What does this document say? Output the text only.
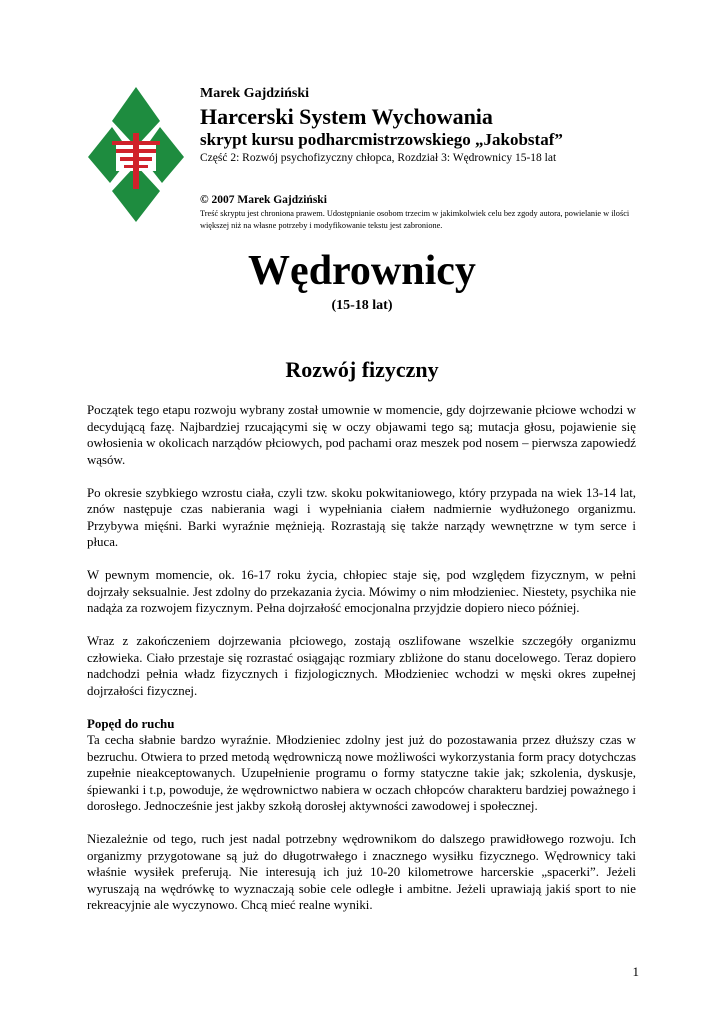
Marek Gajdziński

Harcerski System Wychowania

skrypt kursu podharcmistrzowskiego „Jakobstaf”

Część 2: Rozwój psychofizyczny chłopca, Rozdział 3: Wędrownicy 15-18 lat

© 2007 Marek Gajdziński

Treść skryptu jest chroniona prawem. Udostępnianie osobom trzecim w jakimkolwiek celu bez zgody autora, powielanie w ilości większej niż na własne potrzeby i modyfikowanie tekstu jest zabronione.

Wędrownicy

(15-18 lat)

Rozwój fizyczny

Początek tego etapu rozwoju wybrany został umownie w momencie, gdy dojrzewanie płciowe wchodzi w decydującą fazę. Najbardziej rzucającymi się w oczy objawami tego są; mutacja głosu, pojawienie się owłosienia w okolicach narządów płciowych, pod pachami oraz meszek pod nosem – pierwsza zapowiedź wąsów.

Po okresie szybkiego wzrostu ciała, czyli tzw. skoku pokwitaniowego, który przypada na wiek 13-14 lat, znów następuje czas nabierania wagi i wypełniania ciałem nadmiernie wydłużonego organizmu. Przybywa mięśni. Barki wyraźnie mężnieją. Rozrastają się także narządy wewnętrzne w tym serce i płuca.

W pewnym momencie, ok. 16-17 roku życia, chłopiec staje się, pod względem fizycznym, w pełni dojrzały seksualnie. Jest zdolny do przekazania życia. Mówimy o nim młodzieniec. Niestety, psychika nie nadąża za rozwojem fizycznym. Pełna dojrzałość emocjonalna przyjdzie dopiero nieco później.

Wraz z zakończeniem dojrzewania płciowego, zostają oszlifowane wszelkie szczegóły organizmu człowieka. Ciało przestaje się rozrastać osiągając rozmiary zbliżone do stanu docelowego. Teraz dopiero nadchodzi pełnia władz fizycznych i fizjologicznych. Młodzieniec wchodzi w męski okres zupełnej dojrzałości fizycznej.

Popęd do ruchu
Ta cecha słabnie bardzo wyraźnie. Młodzieniec zdolny jest już do pozostawania przez dłuższy czas w bezruchu. Otwiera to przed metodą wędrowniczą nowe możliwości wykorzystania form pracy dotychczas zupełnie nieakceptowanych. Uzupełnienie programu o formy statyczne takie jak; szkolenia, dyskusje, śpiewanki i t.p, powoduje, że wędrownictwo nabiera w oczach chłopców charakteru bardziej poważnego i dorosłego. Jednocześnie jest jakby szkołą dorosłej aktywności zawodowej i społecznej.

Niezależnie od tego, ruch jest nadal potrzebny wędrownikom do dalszego prawidłowego rozwoju. Ich organizmy przygotowane są już do długotrwałego i znacznego wysiłku fizycznego. Wędrownicy taki właśnie wysiłek preferują. Nie interesują ich już 10-20 kilometrowe harcerskie „spacerki”. Jeżeli wyruszają na wędrówkę to wyznaczają sobie cele odległe i ambitne. Jeżeli uprawiają jakiś sport to nie rekreacyjnie ale wyczynowo. Chcą mieć realne wyniki.

1
